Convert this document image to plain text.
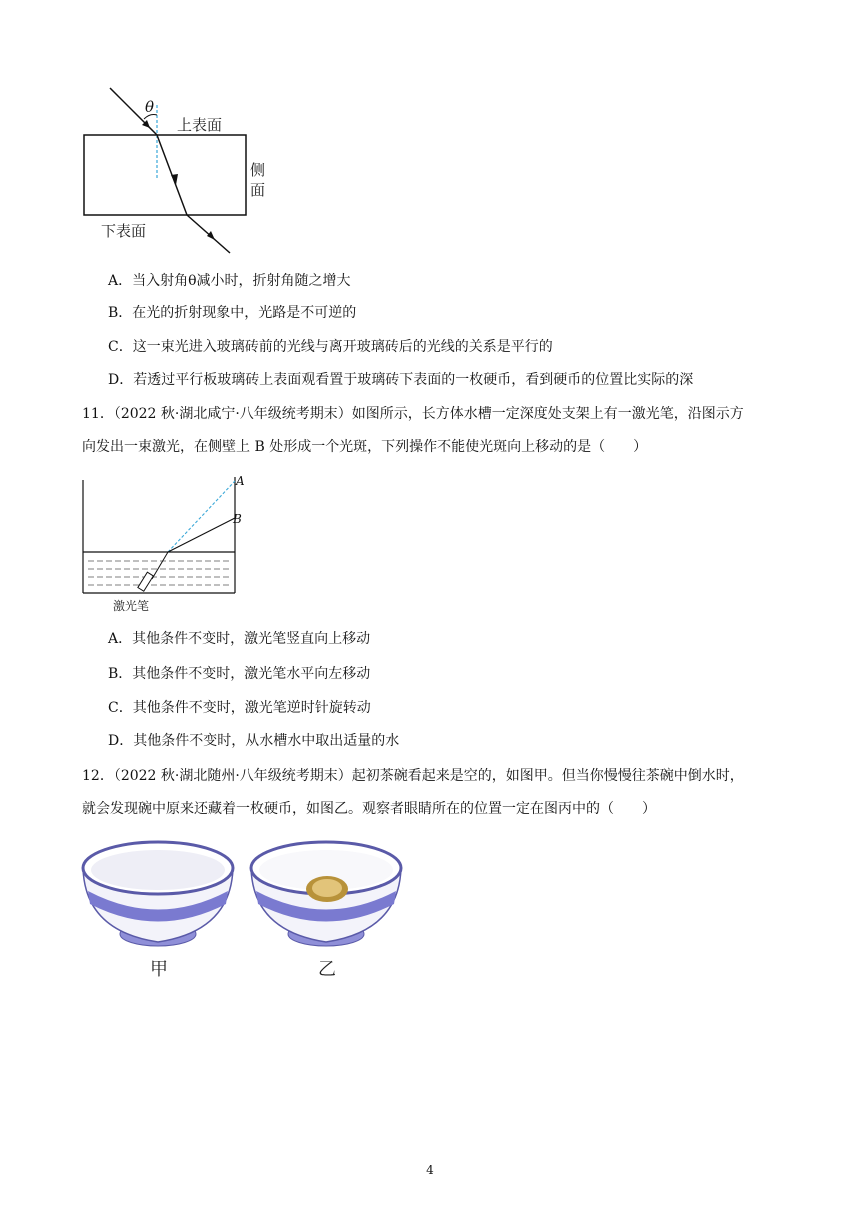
θ
上表面
侧面
下表面
A．当入射角θ减小时，折射角随之增大
B．在光的折射现象中，光路是不可逆的
C．这一束光进入玻璃砖前的光线与离开玻璃砖后的光线的关系是平行的
D．若透过平行板玻璃砖上表面观看置于玻璃砖下表面的一枚硬币，看到硬币的位置比实际的深
11．（2022 秋·湖北咸宁·八年级统考期末）如图所示，长方体水槽一定深度处支架上有一激光笔，沿图示方
向发出一束激光，在侧壁上 B 处形成一个光斑，下列操作不能使光斑向上移动的是（　　）
A
B
激光笔
A．其他条件不变时，激光笔竖直向上移动
B．其他条件不变时，激光笔水平向左移动
C．其他条件不变时，激光笔逆时针旋转动
D．其他条件不变时，从水槽水中取出适量的水
12．（2022 秋·湖北随州·八年级统考期末）起初茶碗看起来是空的，如图甲。但当你慢慢往茶碗中倒水时，
就会发现碗中原来还藏着一枚硬币，如图乙。观察者眼睛所在的位置一定在图丙中的（　　）
甲	乙
4
